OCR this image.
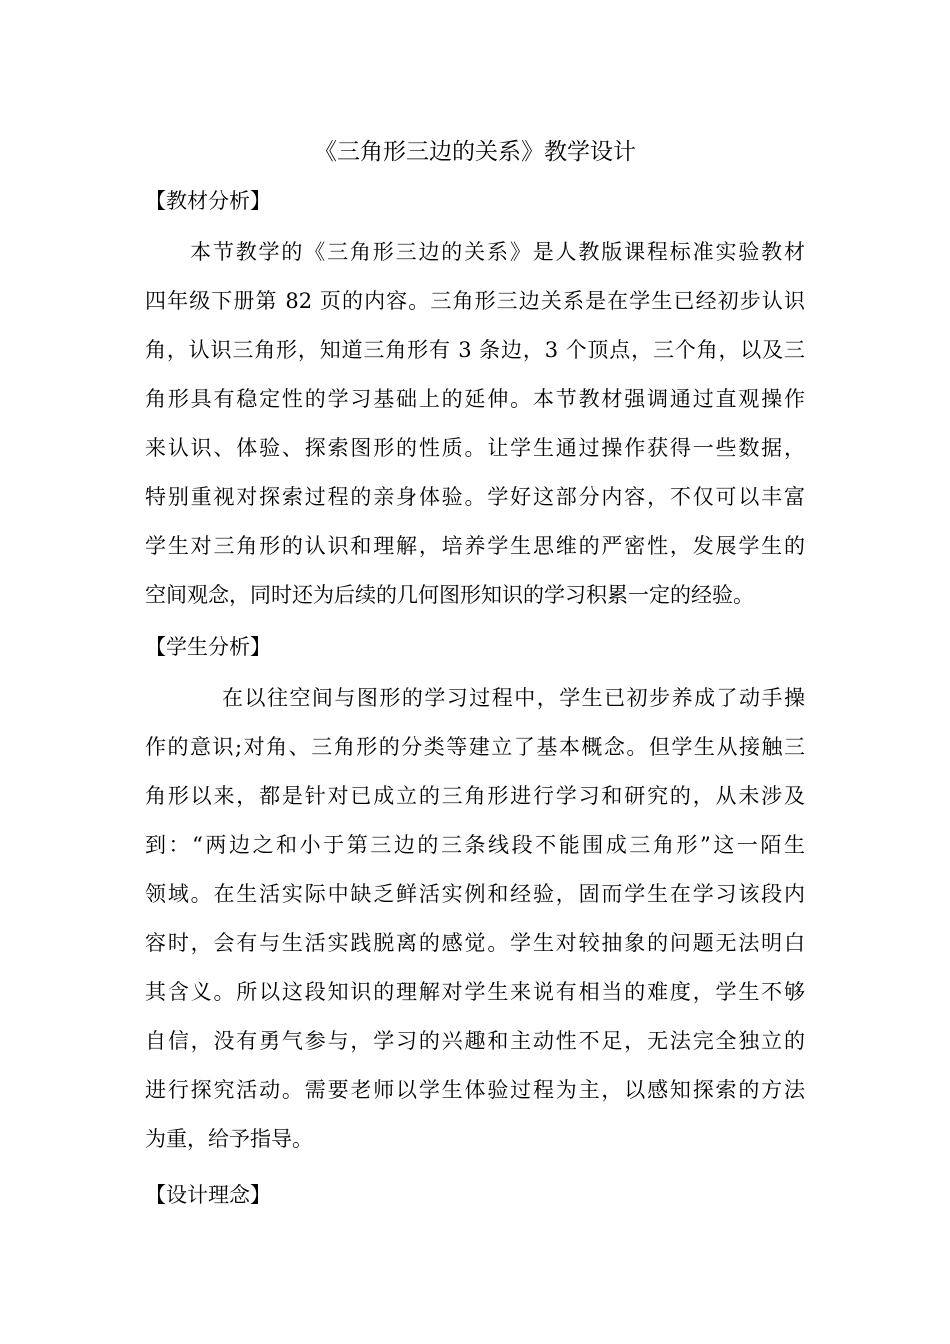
《三角形三边的关系》教学设计
【教材分析】
本节教学的《三角形三边的关系》是人教版课程标准实验教材
四年级下册第 82 页的内容。三角形三边关系是在学生已经初步认识
角，认识三角形，知道三角形有 3 条边，3 个顶点，三个角，以及三
角形具有稳定性的学习基础上的延伸。本节教材强调通过直观操作
来认识、体验、探索图形的性质。让学生通过操作获得一些数据，
特别重视对探索过程的亲身体验。学好这部分内容，不仅可以丰富
学生对三角形的认识和理解，培养学生思维的严密性，发展学生的
空间观念，同时还为后续的几何图形知识的学习积累一定的经验。
【学生分析】
在以往空间与图形的学习过程中，学生已初步养成了动手操
作的意识;对角、三角形的分类等建立了基本概念。但学生从接触三
角形以来，都是针对已成立的三角形进行学习和研究的，从未涉及
到：“两边之和小于第三边的三条线段不能围成三角形”这一陌生
领域。在生活实际中缺乏鲜活实例和经验，固而学生在学习该段内
容时，会有与生活实践脱离的感觉。学生对较抽象的问题无法明白
其含义。所以这段知识的理解对学生来说有相当的难度，学生不够
自信，没有勇气参与，学习的兴趣和主动性不足，无法完全独立的
进行探究活动。需要老师以学生体验过程为主，以感知探索的方法
为重，给予指导。
【设计理念】
